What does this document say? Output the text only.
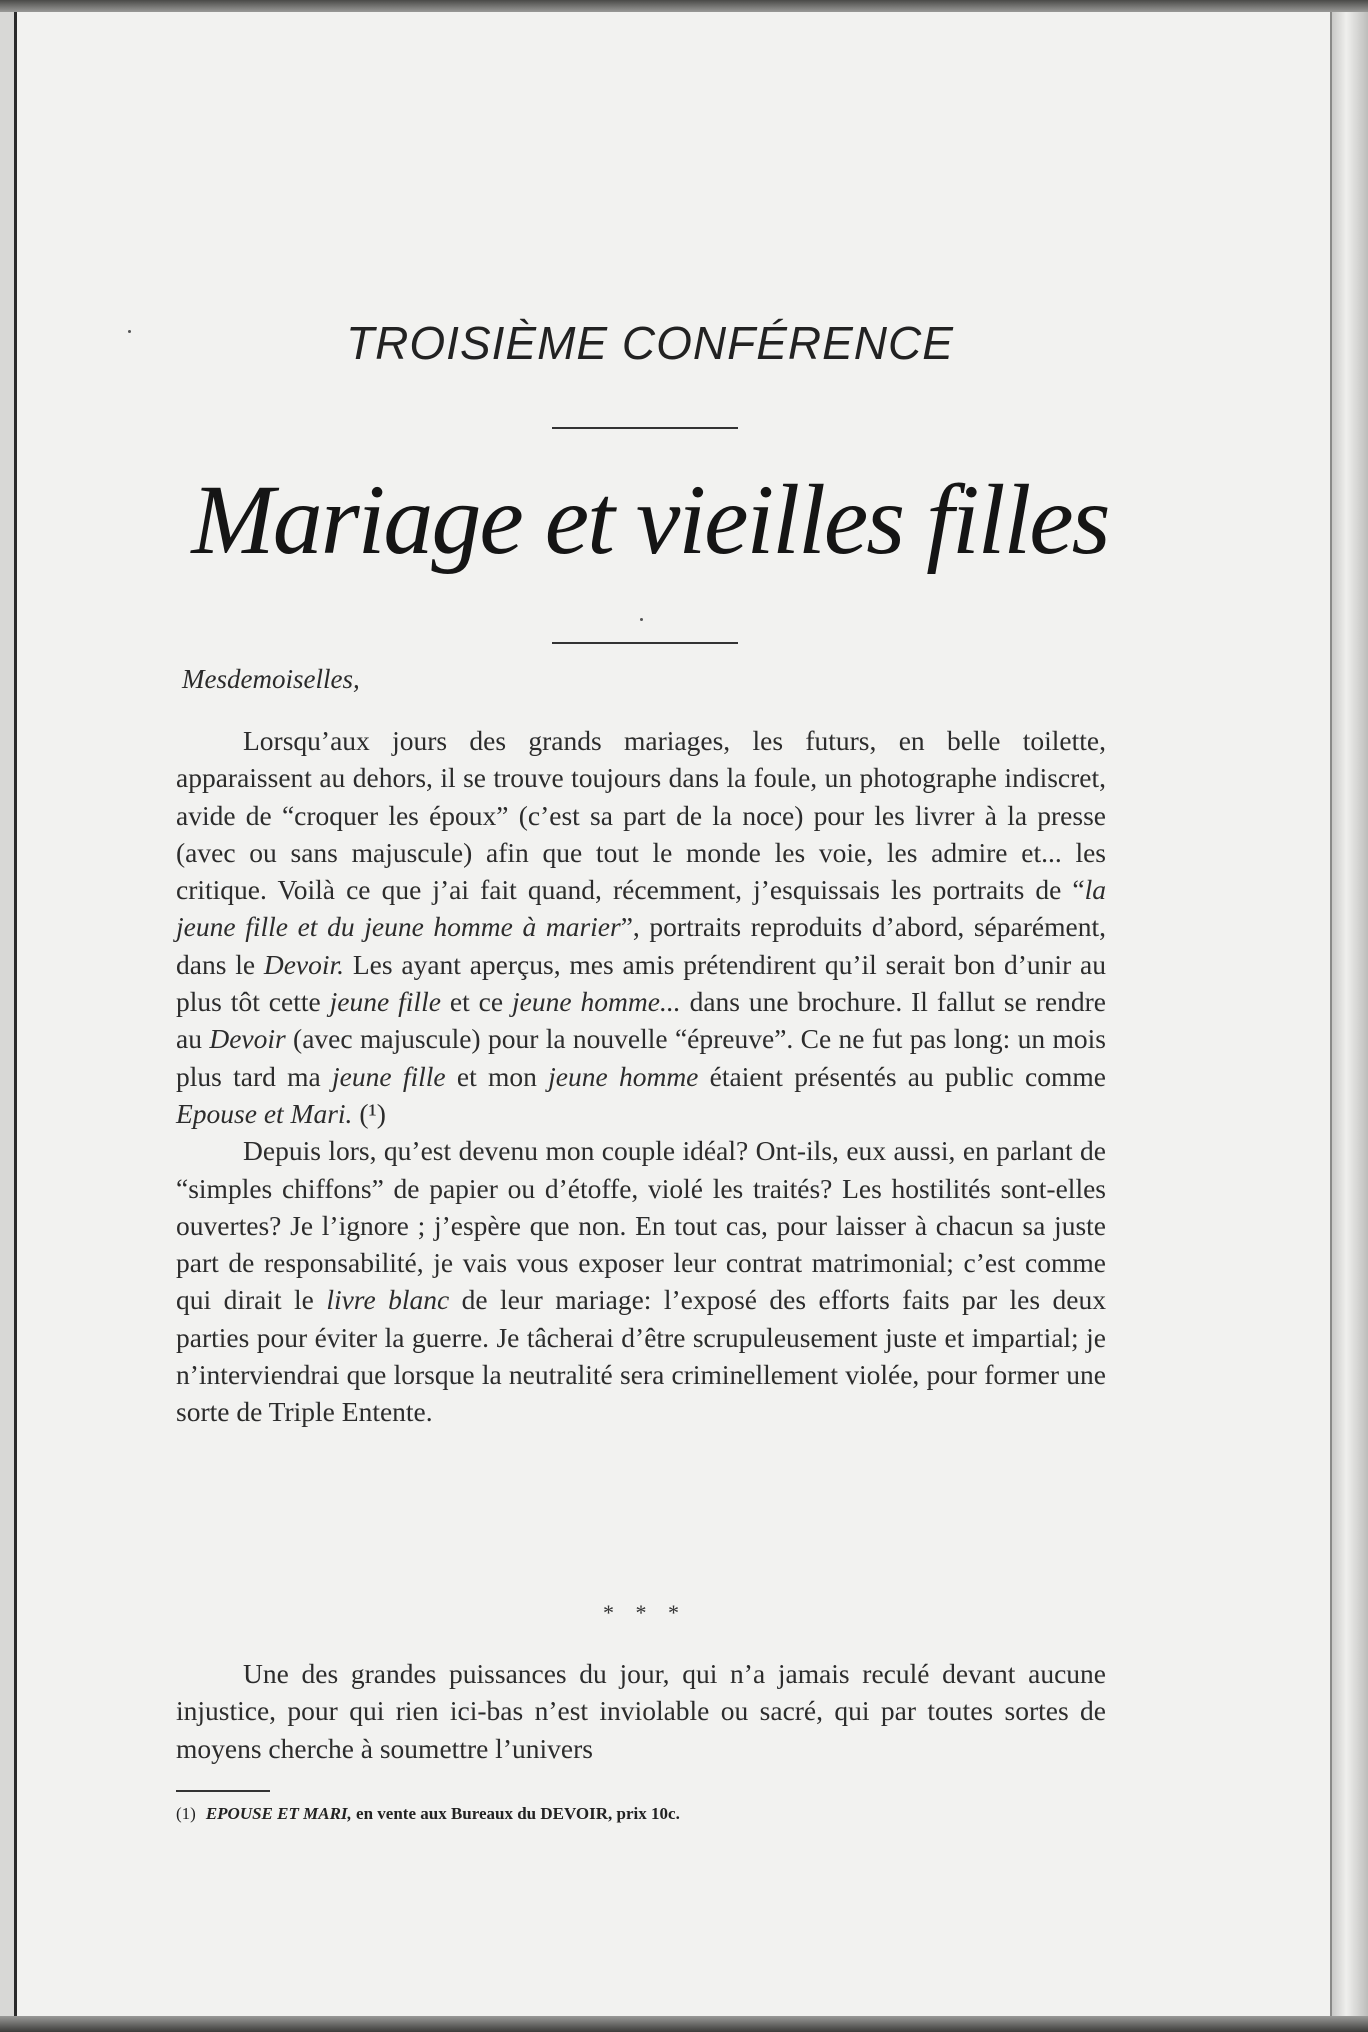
TROISIÈME CONFÉRENCE
Mariage et vieilles filles
Mesdemoiselles,

Lorsqu’aux jours des grands mariages, les futurs, en belle toilette, apparaissent au dehors, il se trouve toujours dans la foule, un photographe indiscret, avide de “croquer les époux” (c’est sa part de la noce) pour les livrer à la presse (avec ou sans majuscule) afin que tout le monde les voie, les admire et... les critique. Voilà ce que j’ai fait quand, récemment, j’esquissais les portraits de “la jeune fille et du jeune homme à marier”, portraits reproduits d’abord, séparément, dans le Devoir. Les ayant aperçus, mes amis prétendirent qu’il serait bon d’unir au plus tôt cette jeune fille et ce jeune homme... dans une brochure. Il fallut se rendre au Devoir (avec majuscule) pour la nouvelle “épreuve”. Ce ne fut pas long: un mois plus tard ma jeune fille et mon jeune homme étaient présentés au public comme Epouse et Mari. (¹)

Depuis lors, qu’est devenu mon couple idéal? Ont-ils, eux aussi, en parlant de “simples chiffons” de papier ou d’étoffe, violé les traités? Les hostilités sont-elles ouvertes? Je l’ignore ; j’espère que non. En tout cas, pour laisser à chacun sa juste part de responsabilité, je vais vous exposer leur contrat matrimonial; c’est comme qui dirait le livre blanc de leur mariage: l’exposé des efforts faits par les deux parties pour éviter la guerre. Je tâcherai d’être scrupuleusement juste et impartial; je n’interviendrai que lorsque la neutralité sera criminellement violée, pour former une sorte de Triple Entente.

* * *

Une des grandes puissances du jour, qui n’a jamais reculé devant aucune injustice, pour qui rien ici-bas n’est inviolable ou sacré, qui par toutes sortes de moyens cherche à soumettre l’univers

(1) EPOUSE ET MARI, en vente aux Bureaux du DEVOIR, prix 10c.
